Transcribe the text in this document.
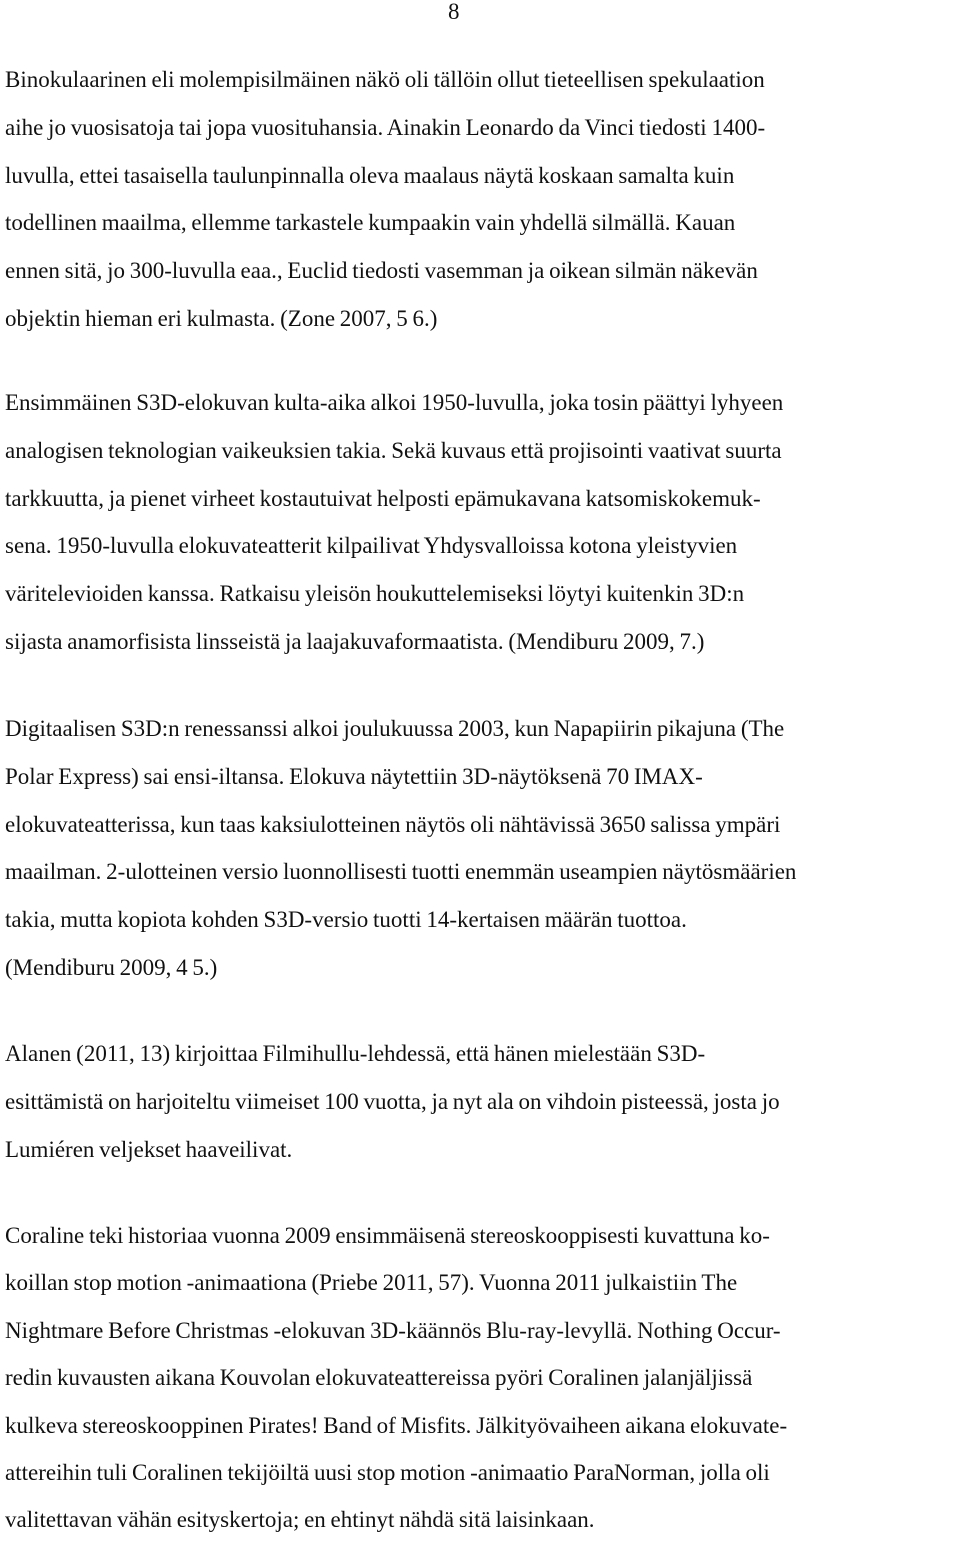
8

Binokulaarinen eli molempisilmäinen näkö oli tällöin ollut tieteellisen spekulaation
aihe jo vuosisatoja tai jopa vuosituhansia. Ainakin Leonardo da Vinci tiedosti 1400-
luvulla, ettei tasaisella taulunpinnalla oleva maalaus näytä koskaan samalta kuin
todellinen maailma, ellemme tarkastele kumpaakin vain yhdellä silmällä. Kauan
ennen sitä, jo 300-luvulla eaa., Euclid tiedosti vasemman ja oikean silmän näkevän
objektin hieman eri kulmasta. (Zone 2007, 5 6.)

Ensimmäinen S3D-elokuvan kulta-aika alkoi 1950-luvulla, joka tosin päättyi lyhyeen
analogisen teknologian vaikeuksien takia. Sekä kuvaus että projisointi vaativat suurta
tarkkuutta, ja pienet virheet kostautuivat helposti epämukavana katsomiskokemuk-
sena. 1950-luvulla elokuvateatterit kilpailivat Yhdysvalloissa kotona yleistyvien
väritelevioiden kanssa. Ratkaisu yleisön houkuttelemiseksi löytyi kuitenkin 3D:n
sijasta anamorfisista linsseistä ja laajakuvaformaatista. (Mendiburu 2009, 7.)

Digitaalisen S3D:n renessanssi alkoi joulukuussa 2003, kun Napapiirin pikajuna (The
Polar Express) sai ensi-iltansa. Elokuva näytettiin 3D-näytöksenä 70 IMAX-
elokuvateatterissa, kun taas kaksiulotteinen näytös oli nähtävissä 3650 salissa ympäri
maailman. 2-ulotteinen versio luonnollisesti tuotti enemmän useampien näytösmäärien
takia, mutta kopiota kohden S3D-versio tuotti 14-kertaisen määrän tuottoa.
(Mendiburu 2009, 4 5.)

Alanen (2011, 13) kirjoittaa Filmihullu-lehdessä, että hänen mielestään S3D-
esittämistä on harjoiteltu viimeiset 100 vuotta, ja nyt ala on vihdoin pisteessä, josta jo
Lumiéren veljekset haaveilivat.

Coraline teki historiaa vuonna 2009 ensimmäisenä stereoskooppisesti kuvattuna ko-
koillan stop motion -animaationa (Priebe 2011, 57). Vuonna 2011 julkaistiin The
Nightmare Before Christmas -elokuvan 3D-käännös Blu-ray-levyllä. Nothing Occur-
redin kuvausten aikana Kouvolan elokuvateattereissa pyöri Coralinen jalanjäljissä
kulkeva stereoskooppinen Pirates! Band of Misfits. Jälkityövaiheen aikana elokuvate-
attereihin tuli Coralinen tekijöiltä uusi stop motion -animaatio ParaNorman, jolla oli
valitettavan vähän esityskertoja; en ehtinyt nähdä sitä laisinkaan.
